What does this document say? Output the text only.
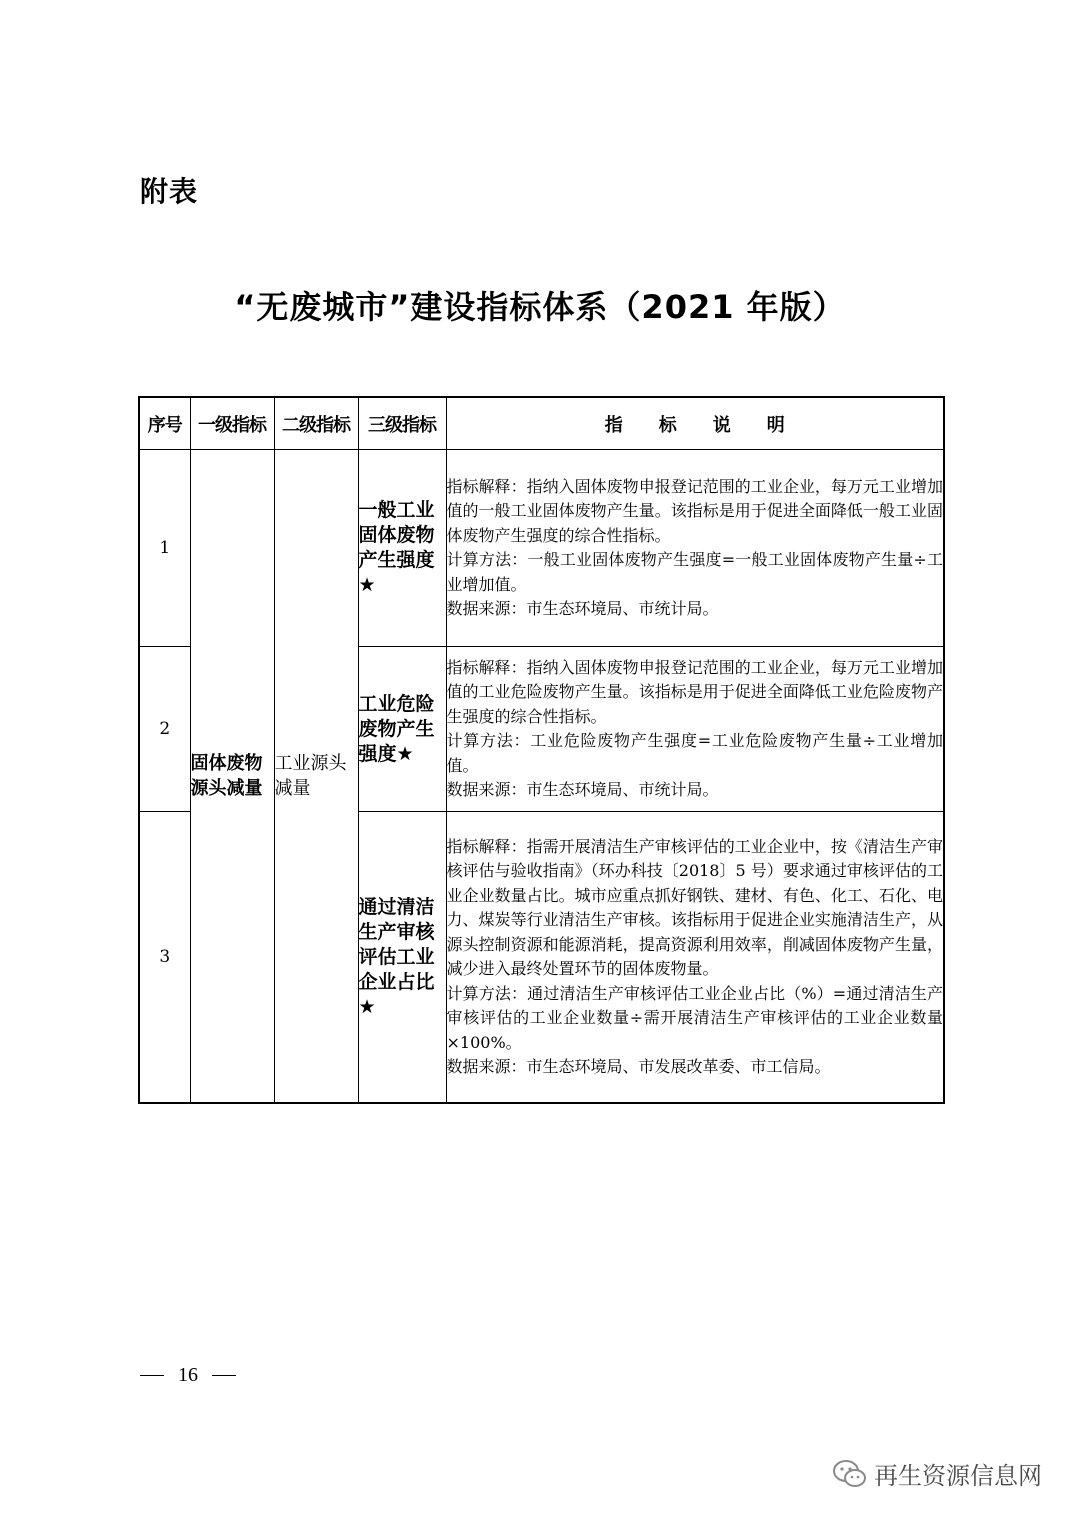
附表
“无废城市”建设指标体系（2021 年版）
序号	一级指标	二级指标	三级指标	指 标 说 明
1	固体废物源头减量	工业源头减量	一般工业固体废物产生强度★	指标解释：指纳入固体废物申报登记范围的工业企业，每万元工业增加值的一般工业固体废物产生量。该指标是用于促进全面降低一般工业固体废物产生强度的综合性指标。

计算方法：一般工业固体废物产生强度=一般工业固体废物产生量÷工业增加值。

数据来源：市生态环境局、市统计局。

2			工业危险废物产生强度★	指标解释：指纳入固体废物申报登记范围的工业企业，每万元工业增加值的工业危险废物产生量。该指标是用于促进全面降低工业危险废物产生强度的综合性指标。

计算方法：工业危险废物产生强度=工业危险废物产生量÷工业增加值。

数据来源：市生态环境局、市统计局。

3			通过清洁生产审核评估工业企业占比★	指标解释：指需开展清洁生产审核评估的工业企业中，按《清洁生产审核评估与验收指南》（环办科技〔2018〕5 号）要求通过审核评估的工业企业数量占比。城市应重点抓好钢铁、建材、有色、化工、石化、电力、煤炭等行业清洁生产审核。该指标用于促进企业实施清洁生产，从源头控制资源和能源消耗，提高资源利用效率，削减固体废物产生量，减少进入最终处置环节的固体废物量。

计算方法：通过清洁生产审核评估工业企业占比（%）=通过清洁生产审核评估的工业企业数量÷需开展清洁生产审核评估的工业企业数量×100%。

数据来源：市生态环境局、市发展改革委、市工信局。

16
再生资源信息网
